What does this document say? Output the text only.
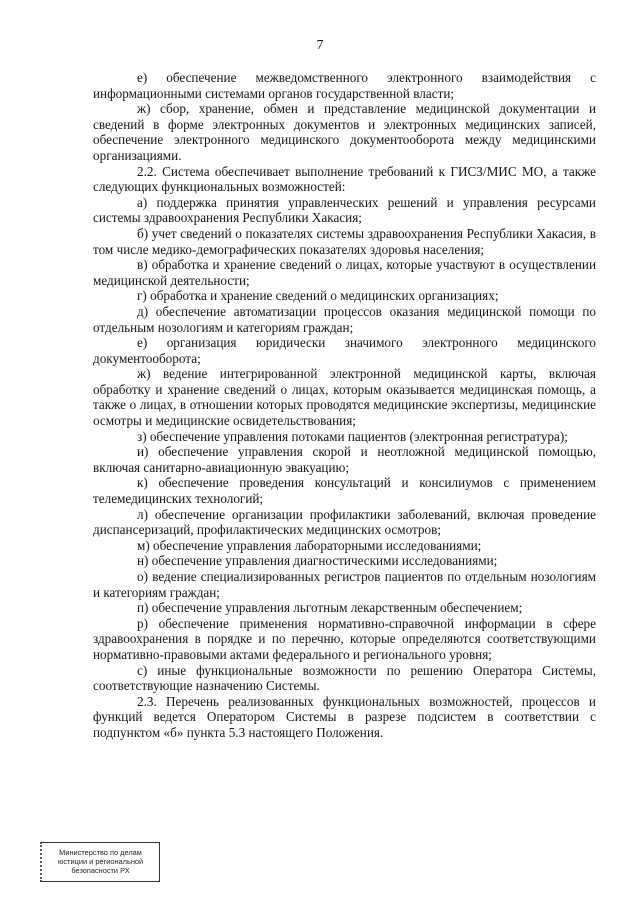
7

е) обеспечение межведомственного электронного взаимодействия с информационными системами органов государственной власти;

ж) сбор, хранение, обмен и представление медицинской документации и сведений в форме электронных документов и электронных медицинских записей, обеспечение электронного медицинского документооборота между медицинскими организациями.

2.2. Система обеспечивает выполнение требований к ГИСЗ/МИС МО, а также следующих функциональных возможностей:

а) поддержка принятия управленческих решений и управления ресурсами системы здравоохранения Республики Хакасия;

б) учет сведений о показателях системы здравоохранения Республики Хакасия, в том числе медико-демографических показателях здоровья населения;

в) обработка и хранение сведений о лицах, которые участвуют в осуществлении медицинской деятельности;

г) обработка и хранение сведений о медицинских организациях;

д) обеспечение автоматизации процессов оказания медицинской помощи по отдельным нозологиям и категориям граждан;

е) организация юридически значимого электронного медицинского документооборота;

ж) ведение интегрированной электронной медицинской карты, включая обработку и хранение сведений о лицах, которым оказывается медицинская помощь, а также о лицах, в отношении которых проводятся медицинские экспертизы, медицинские осмотры и медицинские освидетельствования;

з) обеспечение управления потоками пациентов (электронная регистратура);

и) обеспечение управления скорой и неотложной медицинской помощью, включая санитарно-авиационную эвакуацию;

к) обеспечение проведения консультаций и консилиумов с применением телемедицинских технологий;

л) обеспечение организации профилактики заболеваний, включая проведение диспансеризаций, профилактических медицинских осмотров;

м) обеспечение управления лабораторными исследованиями;

н) обеспечение управления диагностическими исследованиями;

о) ведение специализированных регистров пациентов по отдельным нозологиям и категориям граждан;

п) обеспечение управления льготным лекарственным обеспечением;

р) обеспечение применения нормативно-справочной информации в сфере здравоохранения в порядке и по перечню, которые определяются соответствующими нормативно-правовыми актами федерального и регионального уровня;

с) иные функциональные возможности по решению Оператора Системы, соответствующие назначению Системы.

2.3. Перечень реализованных функциональных возможностей, процессов и функций ведется Оператором Системы в разрезе подсистем в соответствии с подпунктом «б» пункта 5.3 настоящего Положения.

Министерство по делам
юстиции и региональной
безопасности РХ
